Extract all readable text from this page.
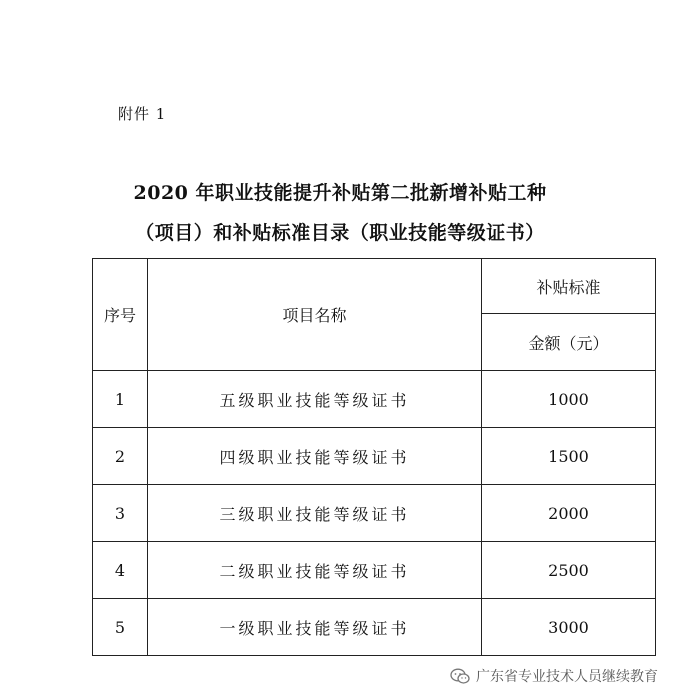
附件 1
2020 年职业技能提升补贴第二批新增补贴工种
（项目）和补贴标准目录（职业技能等级证书）
序号	项目名称	补贴标准
		金额（元）
1	五级职业技能等级证书	1000
2	四级职业技能等级证书	1500
3	三级职业技能等级证书	2000
4	二级职业技能等级证书	2500
5	一级职业技能等级证书	3000
广东省专业技术人员继续教育
